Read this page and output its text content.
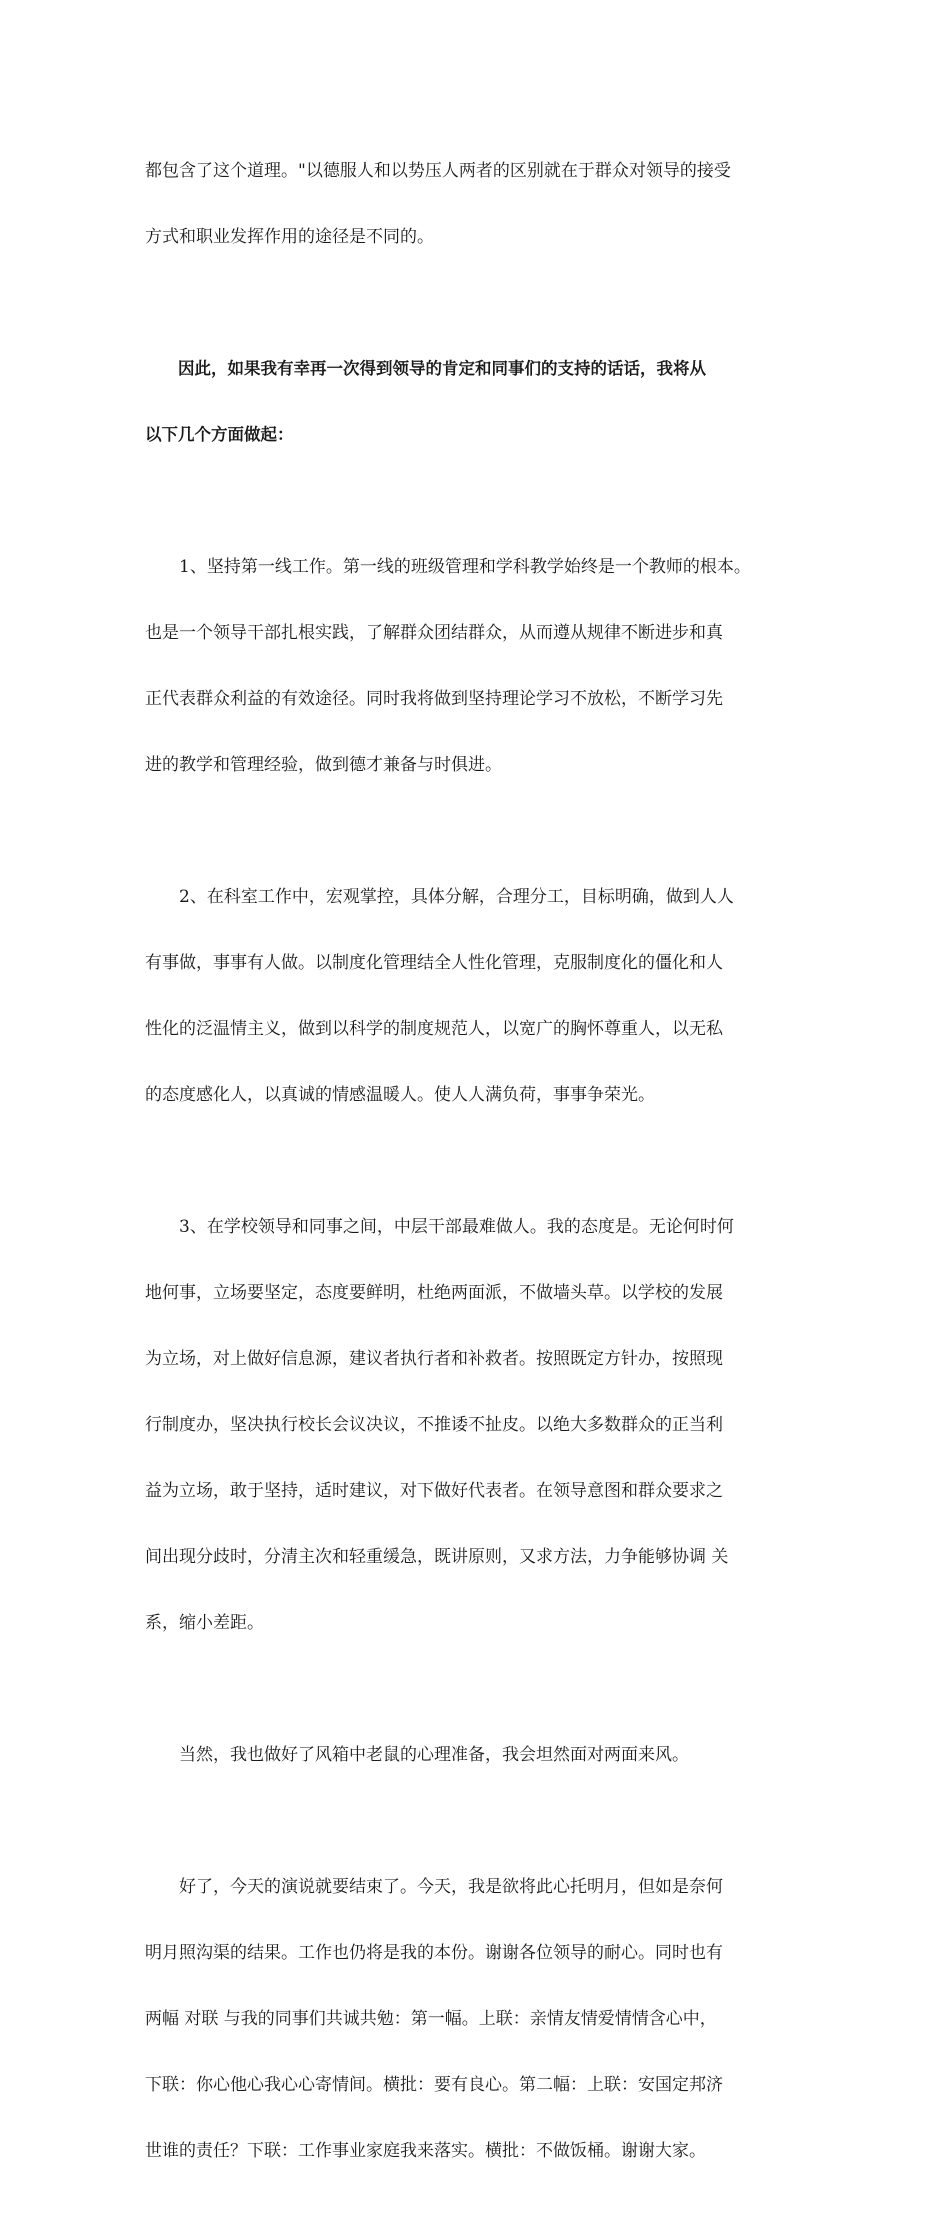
都包含了这个道理。"以德服人和以势压人两者的区别就在于群众对领导的接受

方式和职业发挥作用的途径是不同的。

　　因此，如果我有幸再一次得到领导的肯定和同事们的支持的话话，我将从

以下几个方面做起：

　　1、坚持第一线工作。第一线的班级管理和学科教学始终是一个教师的根本。

也是一个领导干部扎根实践，了解群众团结群众，从而遵从规律不断进步和真

正代表群众利益的有效途径。同时我将做到坚持理论学习不放松，不断学习先

进的教学和管理经验，做到德才兼备与时俱进。

　　2、在科室工作中，宏观掌控，具体分解，合理分工，目标明确，做到人人

有事做，事事有人做。以制度化管理结全人性化管理，克服制度化的僵化和人

性化的泛温情主义，做到以科学的制度规范人，以宽广的胸怀尊重人，以无私

的态度感化人，以真诚的情感温暖人。使人人满负荷，事事争荣光。

　　3、在学校领导和同事之间，中层干部最难做人。我的态度是。无论何时何

地何事，立场要坚定，态度要鲜明，杜绝两面派，不做墙头草。以学校的发展

为立场，对上做好信息源，建议者执行者和补救者。按照既定方针办，按照现

行制度办，坚决执行校长会议决议，不推诿不扯皮。以绝大多数群众的正当利

益为立场，敢于坚持，适时建议，对下做好代表者。在领导意图和群众要求之

间出现分歧时，分清主次和轻重缓急，既讲原则，又求方法，力争能够协调 关

系，缩小差距。

　　当然，我也做好了风箱中老鼠的心理准备，我会坦然面对两面来风。

　　好了，今天的演说就要结束了。今天，我是欲将此心托明月，但如是奈何

明月照沟渠的结果。工作也仍将是我的本份。谢谢各位领导的耐心。同时也有

两幅 对联 与我的同事们共诚共勉：第一幅。上联：亲情友情爱情情含心中，

下联：你心他心我心心寄情间。横批：要有良心。第二幅：上联：安国定邦济

世谁的责任？下联：工作事业家庭我来落实。横批：不做饭桶。谢谢大家。
